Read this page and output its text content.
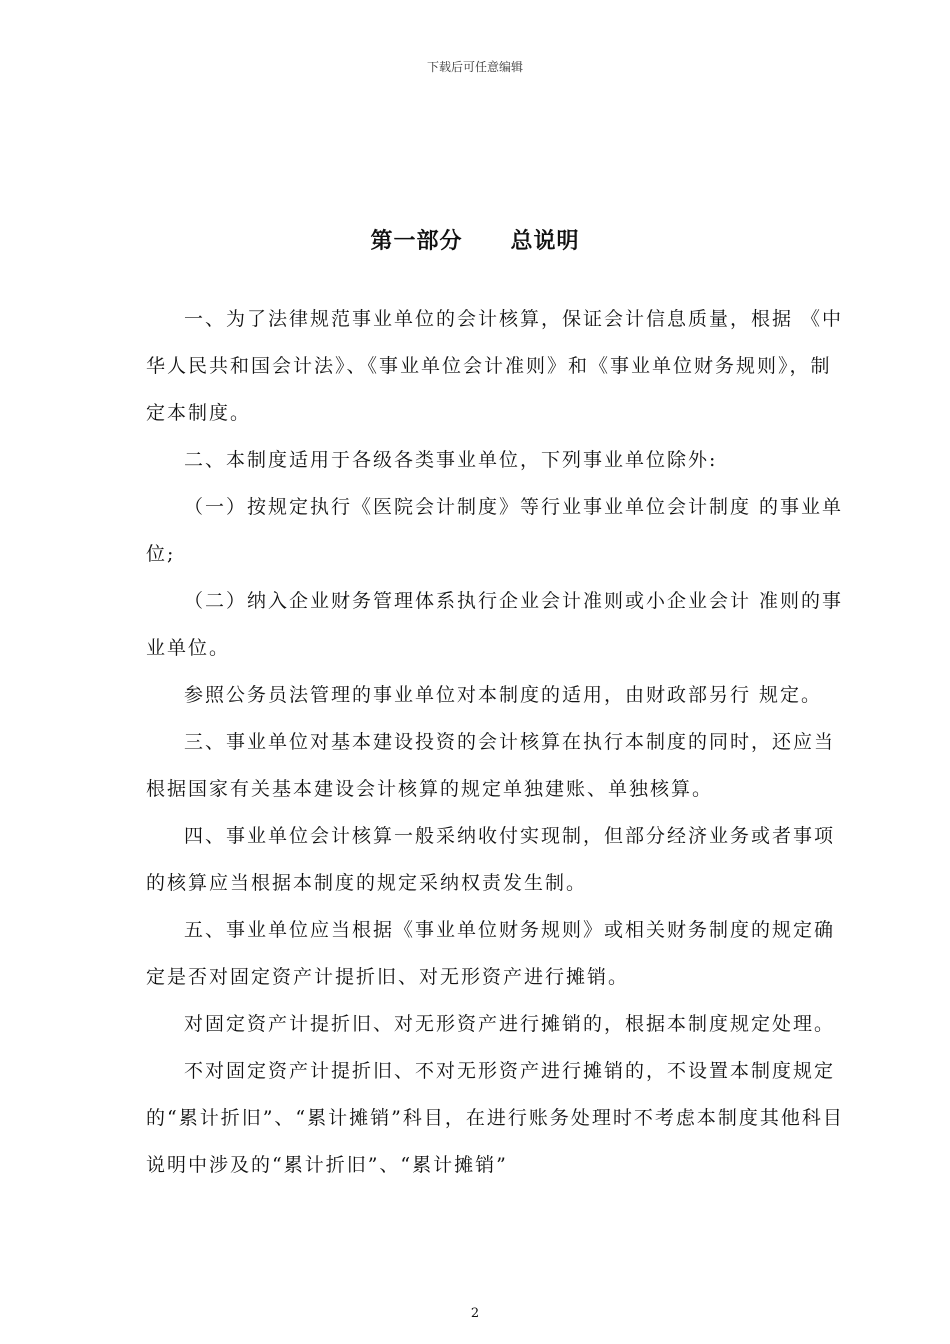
下载后可任意编辑
第一部分 总说明

一、为了法律规范事业单位的会计核算，保证会计信息质量，根据 《中华人民共和国会计法》、《事业单位会计准则》和《事业单位财务规则》，制定本制度。

二、本制度适用于各级各类事业单位，下列事业单位除外:

（一）按规定执行《医院会计制度》等行业事业单位会计制度 的事业单位;

（二）纳入企业财务管理体系执行企业会计准则或小企业会计 准则的事业单位。

参照公务员法管理的事业单位对本制度的适用，由财政部另行 规定。

三、事业单位对基本建设投资的会计核算在执行本制度的同时，还应当根据国家有关基本建设会计核算的规定单独建账、单独核算。

四、事业单位会计核算一般采纳收付实现制，但部分经济业务或者事项的核算应当根据本制度的规定采纳权责发生制。

五、事业单位应当根据《事业单位财务规则》或相关财务制度的规定确定是否对固定资产计提折旧、对无形资产进行摊销。

对固定资产计提折旧、对无形资产进行摊销的，根据本制度规定处理。

不对固定资产计提折旧、不对无形资产进行摊销的，不设置本制度规定的“累计折旧”、“累计摊销”科目，在进行账务处理时不考虑本制度其他科目说明中涉及的“累计折旧”、“累计摊销”

2
